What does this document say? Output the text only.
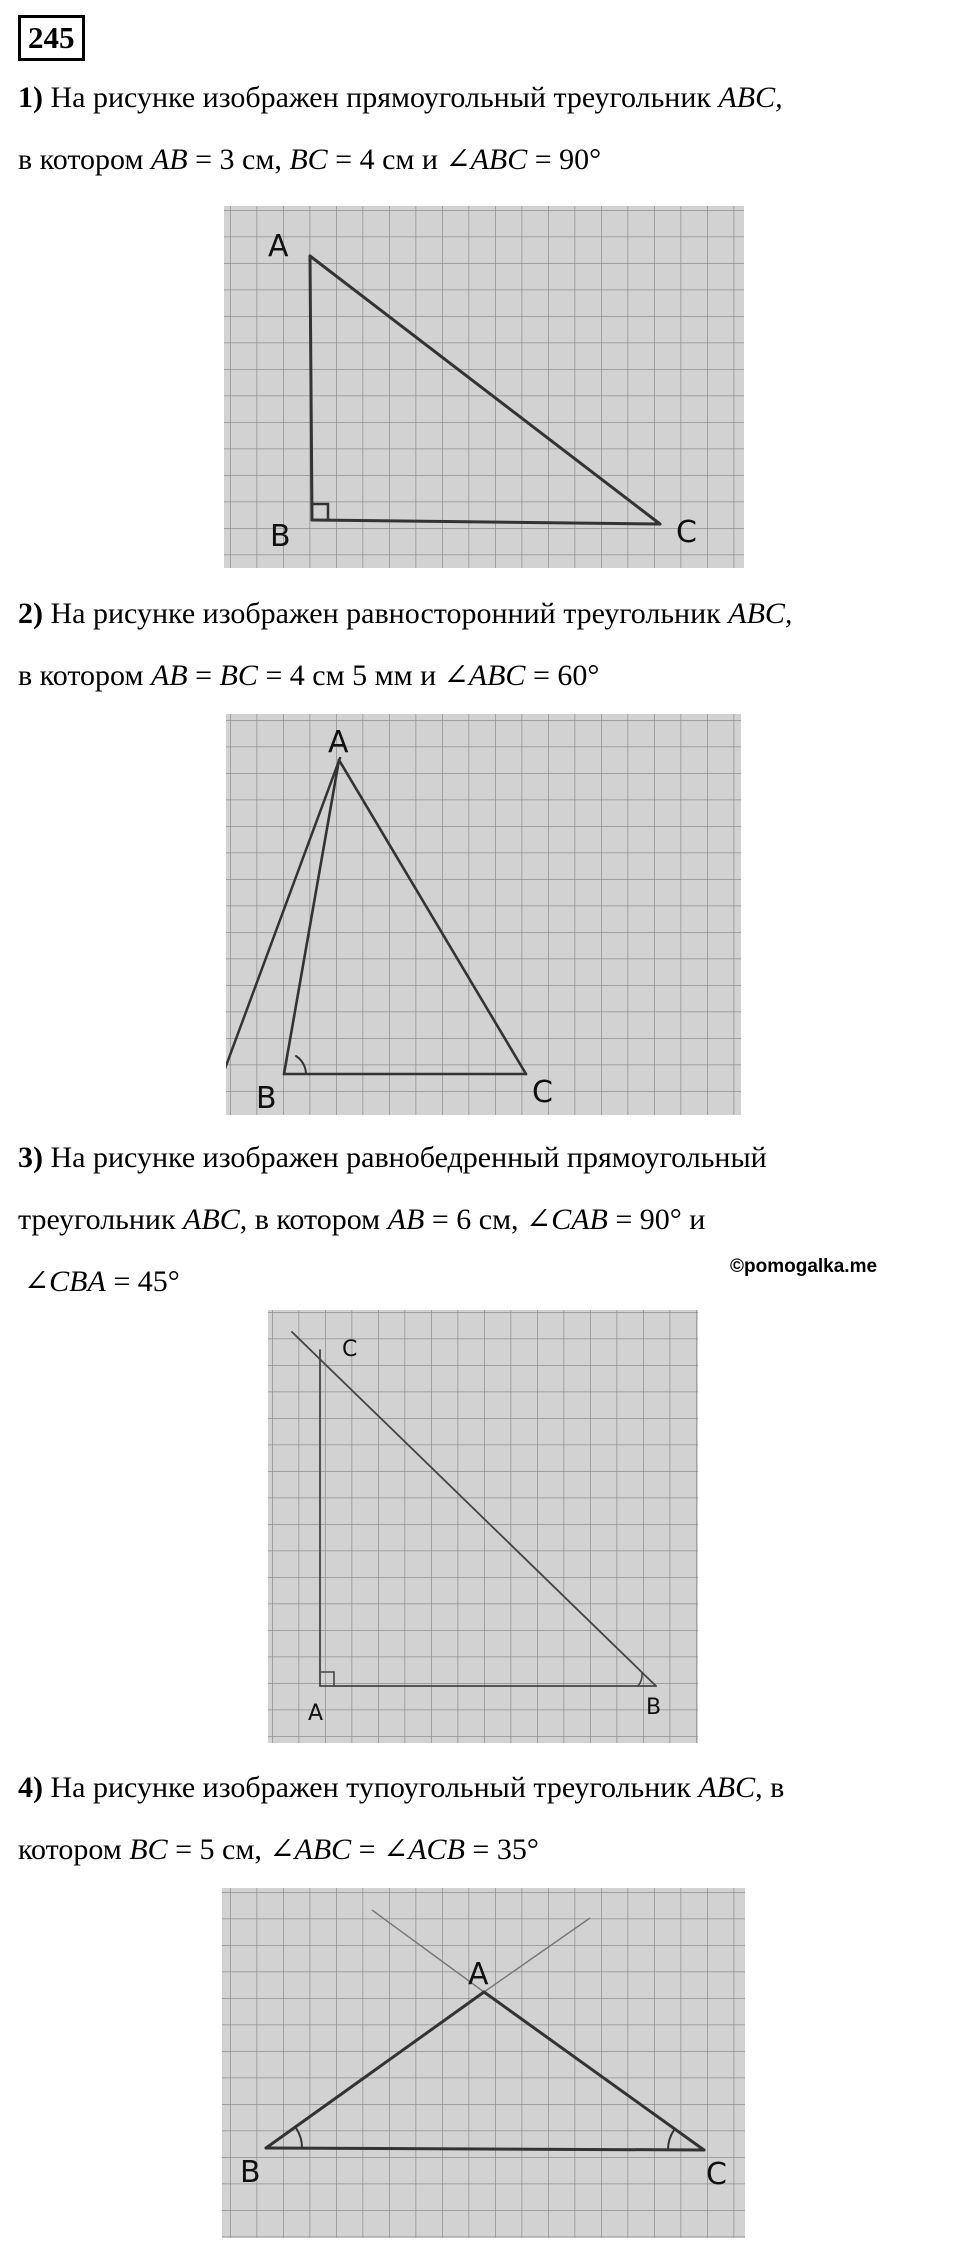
245
1) На рисунке изображен прямоугольный треугольник ABC,
в котором AB = 3 см, BC = 4 см и ∠ABC = 90°
A
B	C
2) На рисунке изображен равносторонний треугольник ABC,
в котором AB = BC = 4 см 5 мм и ∠ABC = 60°
A
B	C
3) На рисунке изображен равнобедренный прямоугольный
треугольник ABC, в котором AB = 6 см, ∠CAB = 90° и
∠CBA = 45°	©pomogalka.me
C
A	B
4) На рисунке изображен тупоугольный треугольник ABC, в
котором BC = 5 см, ∠ABC = ∠ACB = 35°
A
B	C
